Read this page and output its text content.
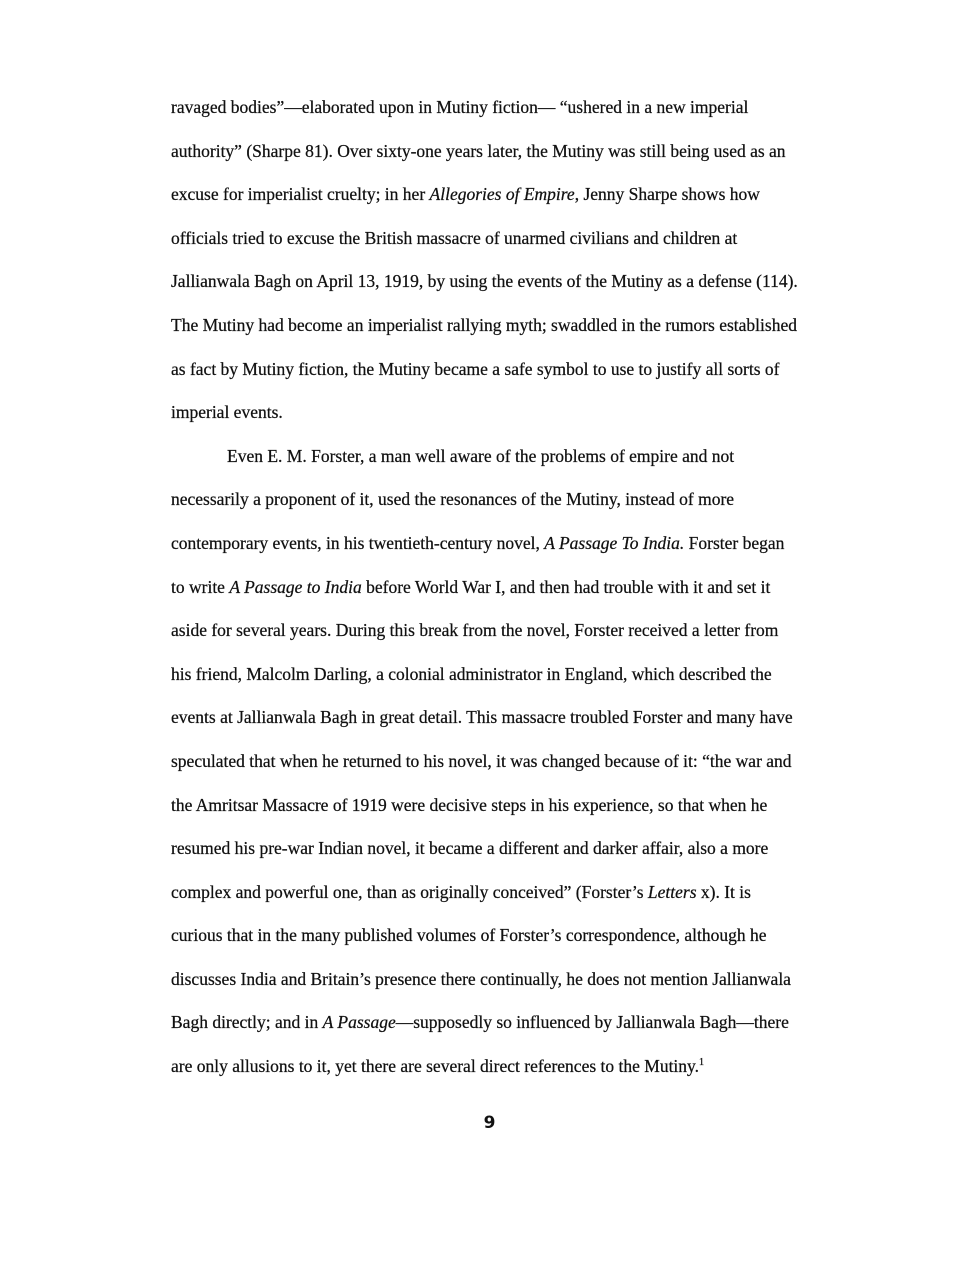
ravaged bodies”—elaborated upon in Mutiny fiction— “ushered in a new imperial
authority” (Sharpe 81). Over sixty-one years later, the Mutiny was still being used as an
excuse for imperialist cruelty; in her Allegories of Empire, Jenny Sharpe shows how
officials tried to excuse the British massacre of unarmed civilians and children at
Jallianwala Bagh on April 13, 1919, by using the events of the Mutiny as a defense (114).
The Mutiny had become an imperialist rallying myth; swaddled in the rumors established
as fact by Mutiny fiction, the Mutiny became a safe symbol to use to justify all sorts of
imperial events.
Even E. M. Forster, a man well aware of the problems of empire and not
necessarily a proponent of it, used the resonances of the Mutiny, instead of more
contemporary events, in his twentieth-century novel, A Passage To India. Forster began
to write A Passage to India before World War I, and then had trouble with it and set it
aside for several years. During this break from the novel, Forster received a letter from
his friend, Malcolm Darling, a colonial administrator in England, which described the
events at Jallianwala Bagh in great detail. This massacre troubled Forster and many have
speculated that when he returned to his novel, it was changed because of it: “the war and
the Amritsar Massacre of 1919 were decisive steps in his experience, so that when he
resumed his pre-war Indian novel, it became a different and darker affair, also a more
complex and powerful one, than as originally conceived” (Forster’s Letters x). It is
curious that in the many published volumes of Forster’s correspondence, although he
discusses India and Britain’s presence there continually, he does not mention Jallianwala
Bagh directly; and in A Passage—supposedly so influenced by Jallianwala Bagh—there
are only allusions to it, yet there are several direct references to the Mutiny.$^1$
9
